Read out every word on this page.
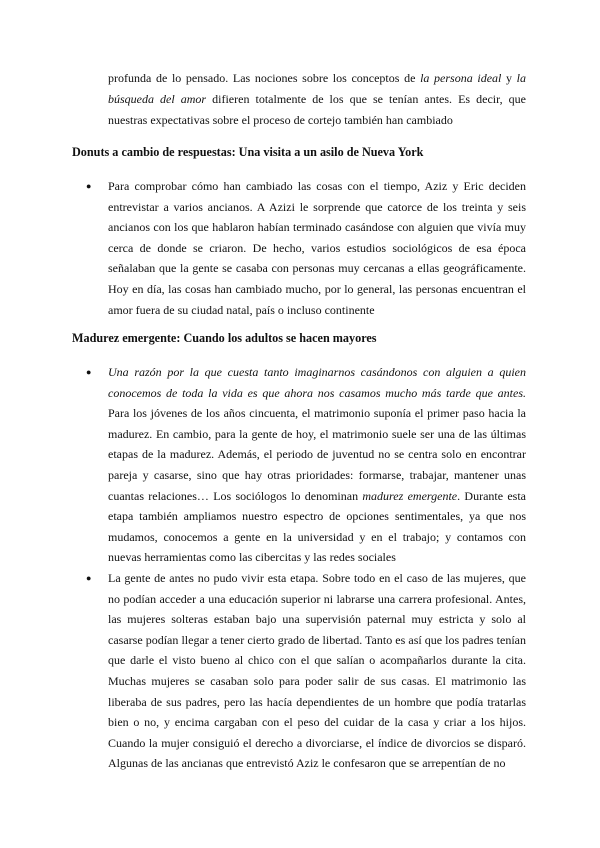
profunda de lo pensado. Las nociones sobre los conceptos de la persona ideal y la búsqueda del amor difieren totalmente de los que se tenían antes. Es decir, que nuestras expectativas sobre el proceso de cortejo también han cambiado

Donuts a cambio de respuestas: Una visita a un asilo de Nueva York
● Para comprobar cómo han cambiado las cosas con el tiempo, Aziz y Eric deciden entrevistar a varios ancianos. A Azizi le sorprende que catorce de los treinta y seis ancianos con los que hablaron habían terminado casándose con alguien que vivía muy cerca de donde se criaron. De hecho, varios estudios sociológicos de esa época señalaban que la gente se casaba con personas muy cercanas a ellas geográficamente. Hoy en día, las cosas han cambiado mucho, por lo general, las personas encuentran el amor fuera de su ciudad natal, país o incluso continente
Madurez emergente: Cuando los adultos se hacen mayores
● Una razón por la que cuesta tanto imaginarnos casándonos con alguien a quien conocemos de toda la vida es que ahora nos casamos mucho más tarde que antes. Para los jóvenes de los años cincuenta, el matrimonio suponía el primer paso hacia la madurez. En cambio, para la gente de hoy, el matrimonio suele ser una de las últimas etapas de la madurez. Además, el periodo de juventud no se centra solo en encontrar pareja y casarse, sino que hay otras prioridades: formarse, trabajar, mantener unas cuantas relaciones… Los sociólogos lo denominan madurez emergente. Durante esta etapa también ampliamos nuestro espectro de opciones sentimentales, ya que nos mudamos, conocemos a gente en la universidad y en el trabajo; y contamos con nuevas herramientas como las cibercitas y las redes sociales
● La gente de antes no pudo vivir esta etapa. Sobre todo en el caso de las mujeres, que no podían acceder a una educación superior ni labrarse una carrera profesional. Antes, las mujeres solteras estaban bajo una supervisión paternal muy estricta y solo al casarse podían llegar a tener cierto grado de libertad. Tanto es así que los padres tenían que darle el visto bueno al chico con el que salían o acompañarlos durante la cita. Muchas mujeres se casaban solo para poder salir de sus casas. El matrimonio las liberaba de sus padres, pero las hacía dependientes de un hombre que podía tratarlas bien o no, y encima cargaban con el peso del cuidar de la casa y criar a los hijos. Cuando la mujer consiguió el derecho a divorciarse, el índice de divorcios se disparó. Algunas de las ancianas que entrevistó Aziz le confesaron que se arrepentían de no
